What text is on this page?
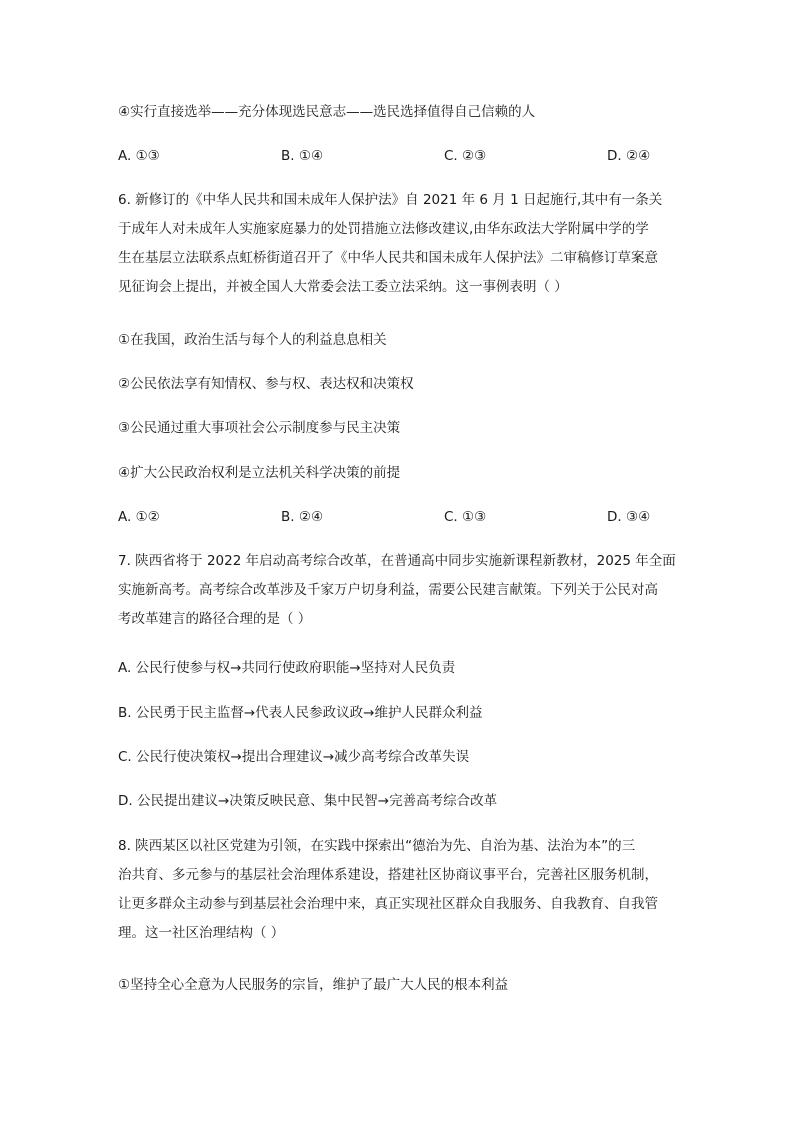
④实行直接选举——充分体现选民意志——选民选择值得自己信赖的人
A. ①③	B. ①④	C. ②③	D. ②④
6. 新修订的《中华人民共和国未成年人保护法》自 2021 年 6 月 1 日起施行,其中有一条关
于成年人对未成年人实施家庭暴力的处罚措施立法修改建议,由华东政法大学附属中学的学
生在基层立法联系点虹桥街道召开了《中华人民共和国未成年人保护法》二审稿修订草案意
见征询会上提出，并被全国人大常委会法工委立法采纳。这一事例表明（ ）
①在我国，政治生活与每个人的利益息息相关
②公民依法享有知情权、参与权、表达权和决策权
③公民通过重大事项社会公示制度参与民主决策
④扩大公民政治权利是立法机关科学决策的前提
A. ①②	B. ②④	C. ①③	D. ③④
7. 陕西省将于 2022 年启动高考综合改革，在普通高中同步实施新课程新教材，2025 年全面
实施新高考。高考综合改革涉及千家万户切身利益，需要公民建言献策。下列关于公民对高
考改革建言的路径合理的是（ ）
A. 公民行使参与权→共同行使政府职能→坚持对人民负责
B. 公民勇于民主监督→代表人民参政议政→维护人民群众利益
C. 公民行使决策权→提出合理建议→减少高考综合改革失误
D. 公民提出建议→决策反映民意、集中民智→完善高考综合改革
8. 陕西某区以社区党建为引领，在实践中探索出“德治为先、自治为基、法治为本”的三
治共育、多元参与的基层社会治理体系建设，搭建社区协商议事平台，完善社区服务机制，
让更多群众主动参与到基层社会治理中来，真正实现社区群众自我服务、自我教育、自我管
理。这一社区治理结构（ ）
①坚持全心全意为人民服务的宗旨，维护了最广大人民的根本利益
